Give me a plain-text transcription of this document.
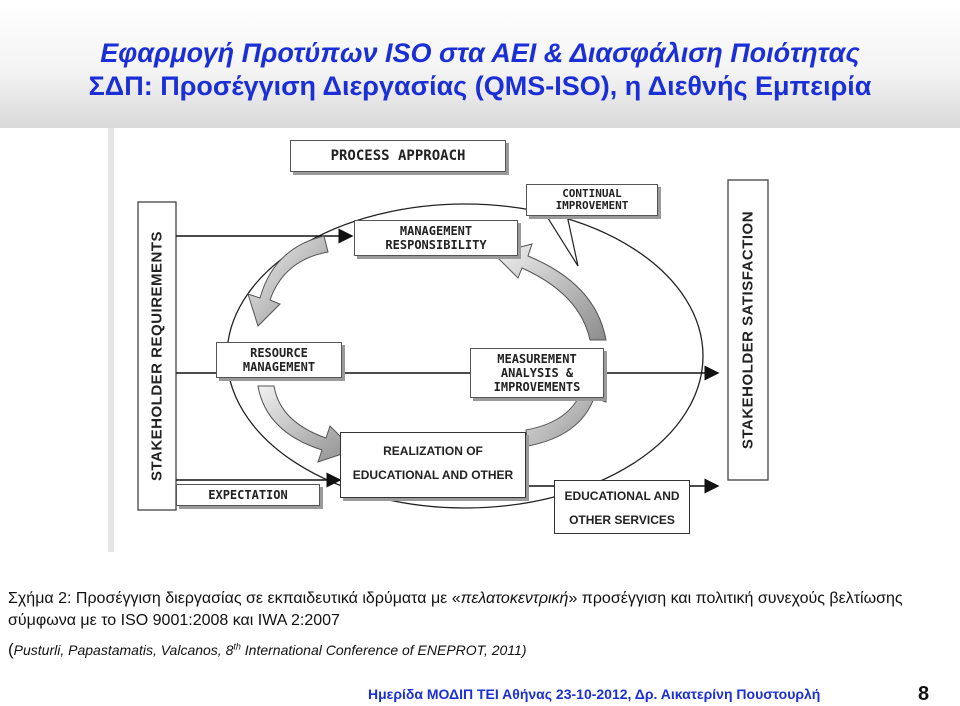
Εφαρμογή Προτύπων ISO στα ΑΕΙ & Διασφάλιση Ποιότητας
ΣΔΠ: Προσέγγιση Διεργασίας (QMS-ISO), η Διεθνής Εμπειρία
PROCESS APPROACH
CONTINUAL
IMPROVEMENT
MANAGEMENT
RESPONSIBILITY
RESOURCE
MANAGEMENT
MEASUREMENT
ANALYSIS &
IMPROVEMENTS
REALIZATION OF
EDUCATIONAL AND OTHER
EDUCATIONAL AND
OTHER SERVICES
EXPECTATION
STAKEHOLDER REQUIREMENTS	STAKEHOLDER SATISFACTION
Σχήμα 2: Προσέγγιση διεργασίας σε εκπαιδευτικά ιδρύματα με «πελατοκεντρική» προσέγγιση και πολιτική συνεχούς βελτίωσης σύμφωνα με το ISO 9001:2008 και IWA 2:2007
(Pusturli, Papastamatis, Valcanos, 8th International Conference of ENEPROT, 2011)
Ημερίδα ΜΟΔΙΠ ΤΕΙ Αθήνας 23-10-2012, Δρ. Αικατερίνη Πουστουρλή	8
